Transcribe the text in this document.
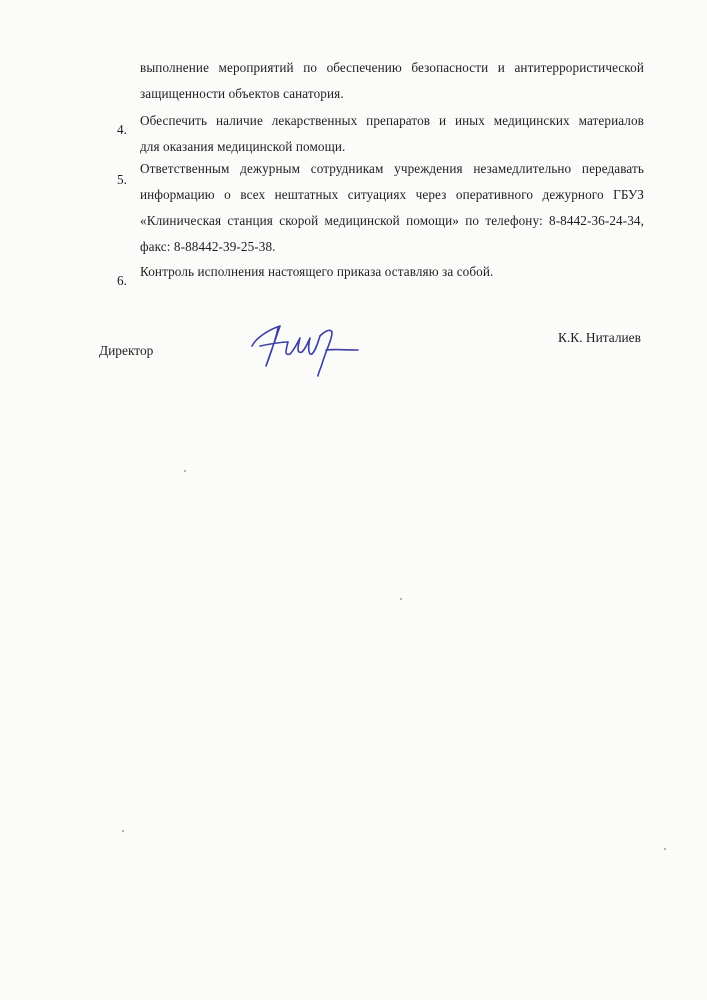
выполнение мероприятий по обеспечению безопасности и антитеррористической
защищенности объектов санатория.
4.
Обеспечить наличие лекарственных препаратов и иных медицинских материалов
для оказания медицинской помощи.
5.
Ответственным дежурным сотрудникам учреждения незамедлительно передавать
информацию о всех нештатных ситуациях через оперативного дежурного ГБУЗ
«Клиническая станция скорой медицинской помощи» по телефону: 8-8442-36-24-34,
факс: 8-88442-39-25-38.
6.
Контроль исполнения настоящего приказа оставляю за собой.
Директор
К.К. Ниталиев
